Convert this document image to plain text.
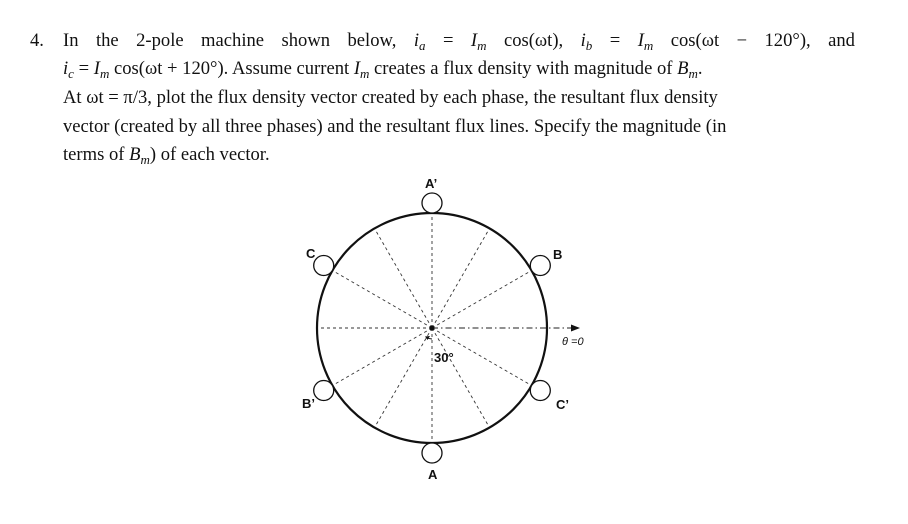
4. In the 2-pole machine shown below, $i_a = I_m$ cos(ωt), $i_b = I_m$ cos(ωt − 120°), and
$i_c = I_m$ cos(ωt + 120°). Assume current $I_m$ creates a flux density with magnitude of $B_m$.
At ωt = π/3, plot the flux density vector created by each phase, the resultant flux density
vector (created by all three phases) and the resultant flux lines. Specify the magnitude (in
terms of $B_m$) of each vector.
A’
A
B
B’
C
C’
θ =0
30°
